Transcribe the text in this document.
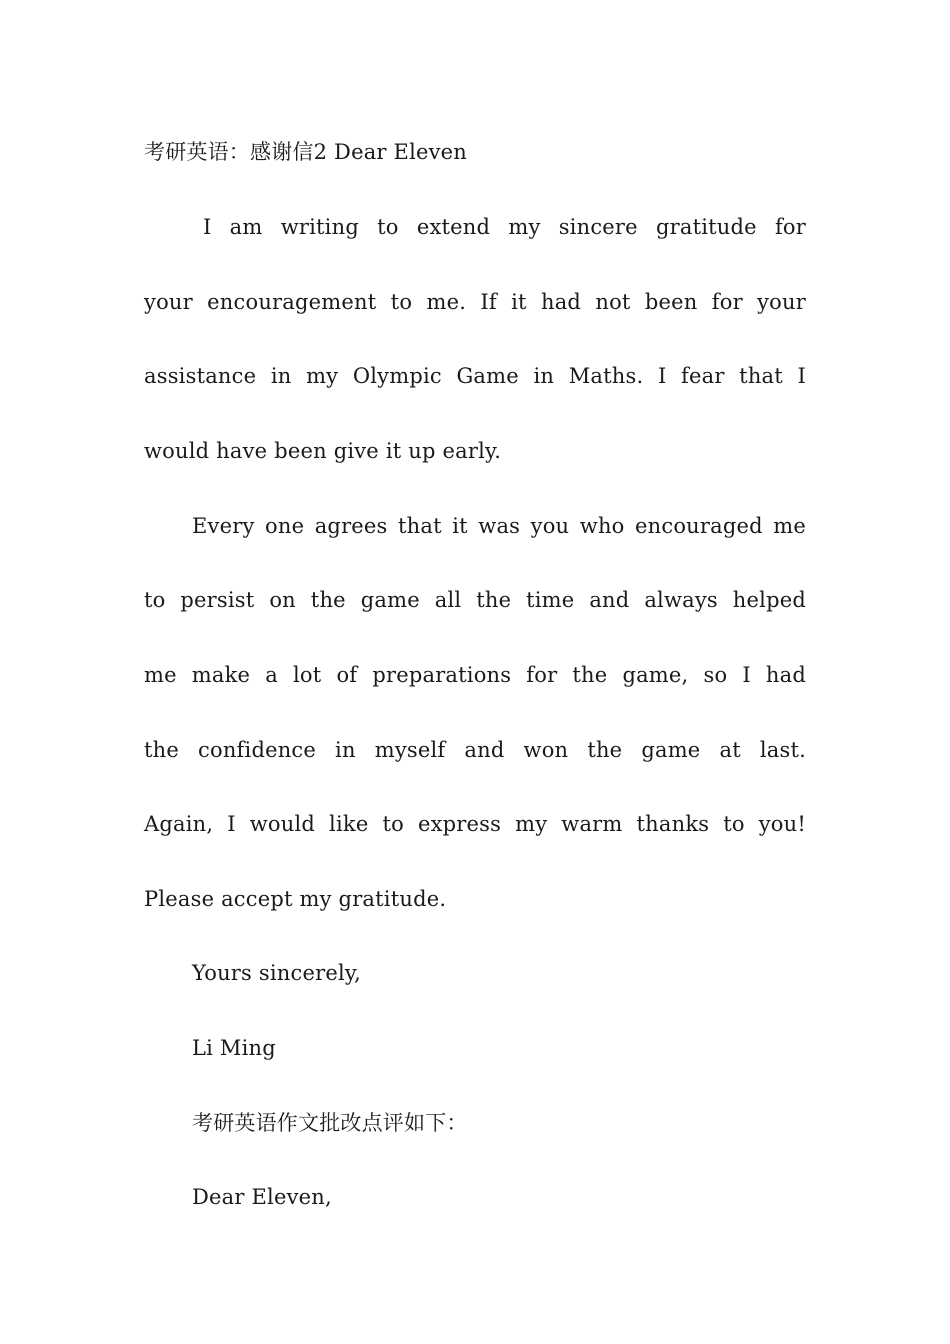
考研英语：感谢信2 Dear Eleven
I am writing to extend my sincere gratitude for
your encouragement to me. If it had not been for your
assistance in my Olympic Game in Maths. I fear that I
would have been give it up early.
Every one agrees that it was you who encouraged me
to persist on the game all the time and always helped
me make a lot of preparations for the game, so I had
the confidence in myself and won the game at last.
Again, I would like to express my warm thanks to you!
Please accept my gratitude.
Yours sincerely,
Li Ming
考研英语作文批改点评如下：
Dear Eleven,
